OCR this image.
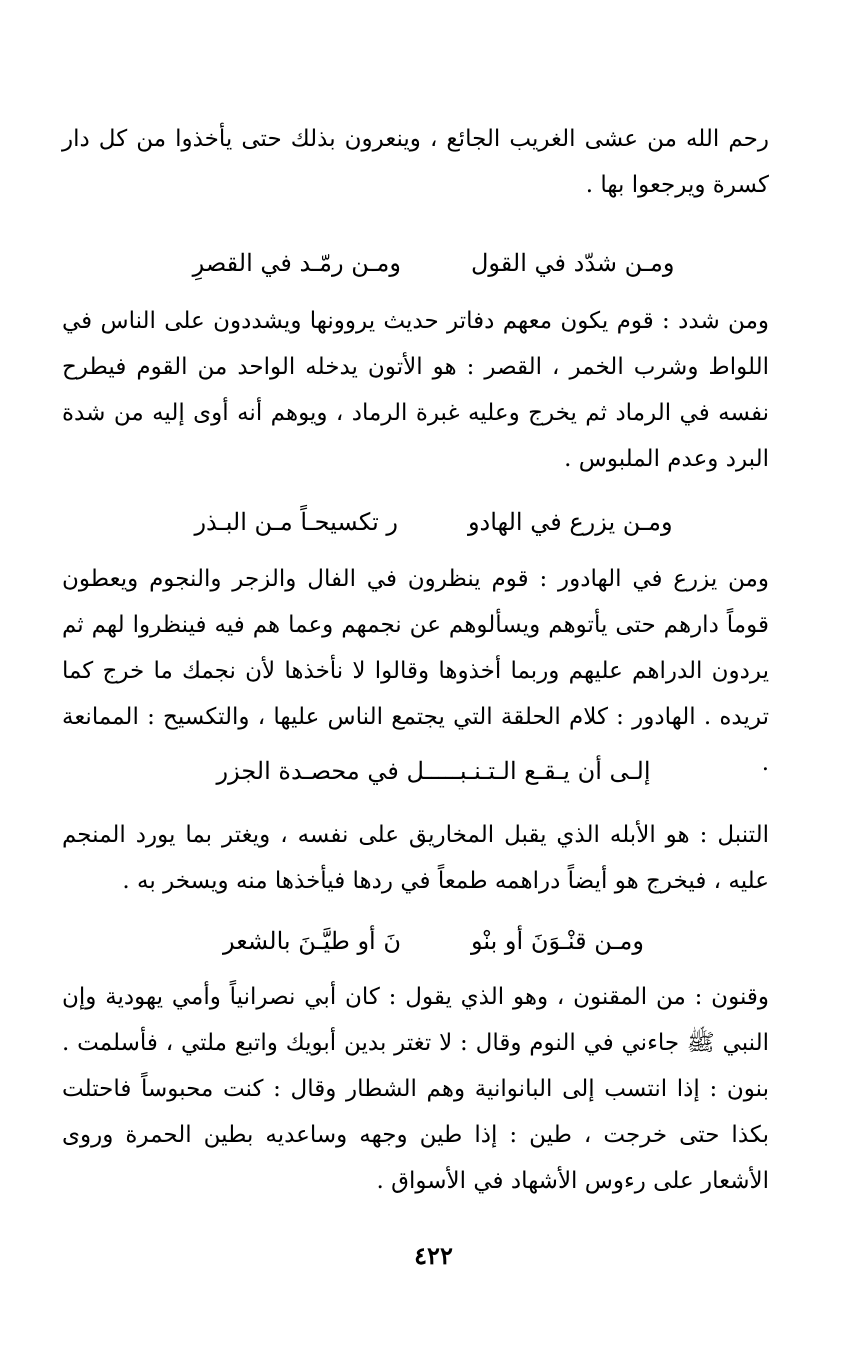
رحم الله من عشى الغريب الجائع ، وينعرون بذلك حتى يأخذوا من كل دار كسرة ويرجعوا بها .

ومـن شدّد في القول
ومـن رمّـد في القصرِ

ومن شدد : قوم يكون معهم دفاتر حديث يروونها ويشددون على الناس في اللواط وشرب الخمر ، القصر : هو الأتون يدخله الواحد من القوم فيطرح نفسه في الرماد ثم يخرج وعليه غبرة الرماد ، ويوهم أنه أوى إليه من شدة البرد وعدم الملبوس .

ومـن يزرع في الهادو
ر تكسيحـاً مـن البـذر

ومن يزرع في الهادور : قوم ينظرون في الفال والزجر والنجوم ويعطون قوماً دارهم حتى يأتوهم ويسألوهم عن نجمهم وعما هم فيه فينظروا لهم ثم يردون الدراهم عليهم وربما أخذوها وقالوا لا نأخذها لأن نجمك ما خرج كما تريده . الهادور : كلام الحلقة التي يجتمع الناس عليها ، والتكسيح : الممانعة .

إلـى أن يـقـع الـتـنـبـــــل في محصـدة الجزر

التنبل : هو الأبله الذي يقبل المخاريق على نفسه ، ويغتر بما يورد المنجم عليه ، فيخرج هو أيضاً دراهمه طمعاً في ردها فيأخذها منه ويسخر به .

ومـن قنْـوَنَ أو بنْو
نَ أو طيَّـنَ بالشعر

وقنون : من المقنون ، وهو الذي يقول : كان أبي نصرانياً وأمي يهودية وإن النبي ﷺ جاءني في النوم وقال : لا تغتر بدين أبويك واتبع ملتي ، فأسلمت . بنون : إذا انتسب إلى البانوانية وهم الشطار وقال : كنت محبوساً فاحتلت بكذا حتى خرجت ، طين : إذا طين وجهه وساعديه بطين الحمرة وروى الأشعار على رءوس الأشهاد في الأسواق .

٤٢٢
